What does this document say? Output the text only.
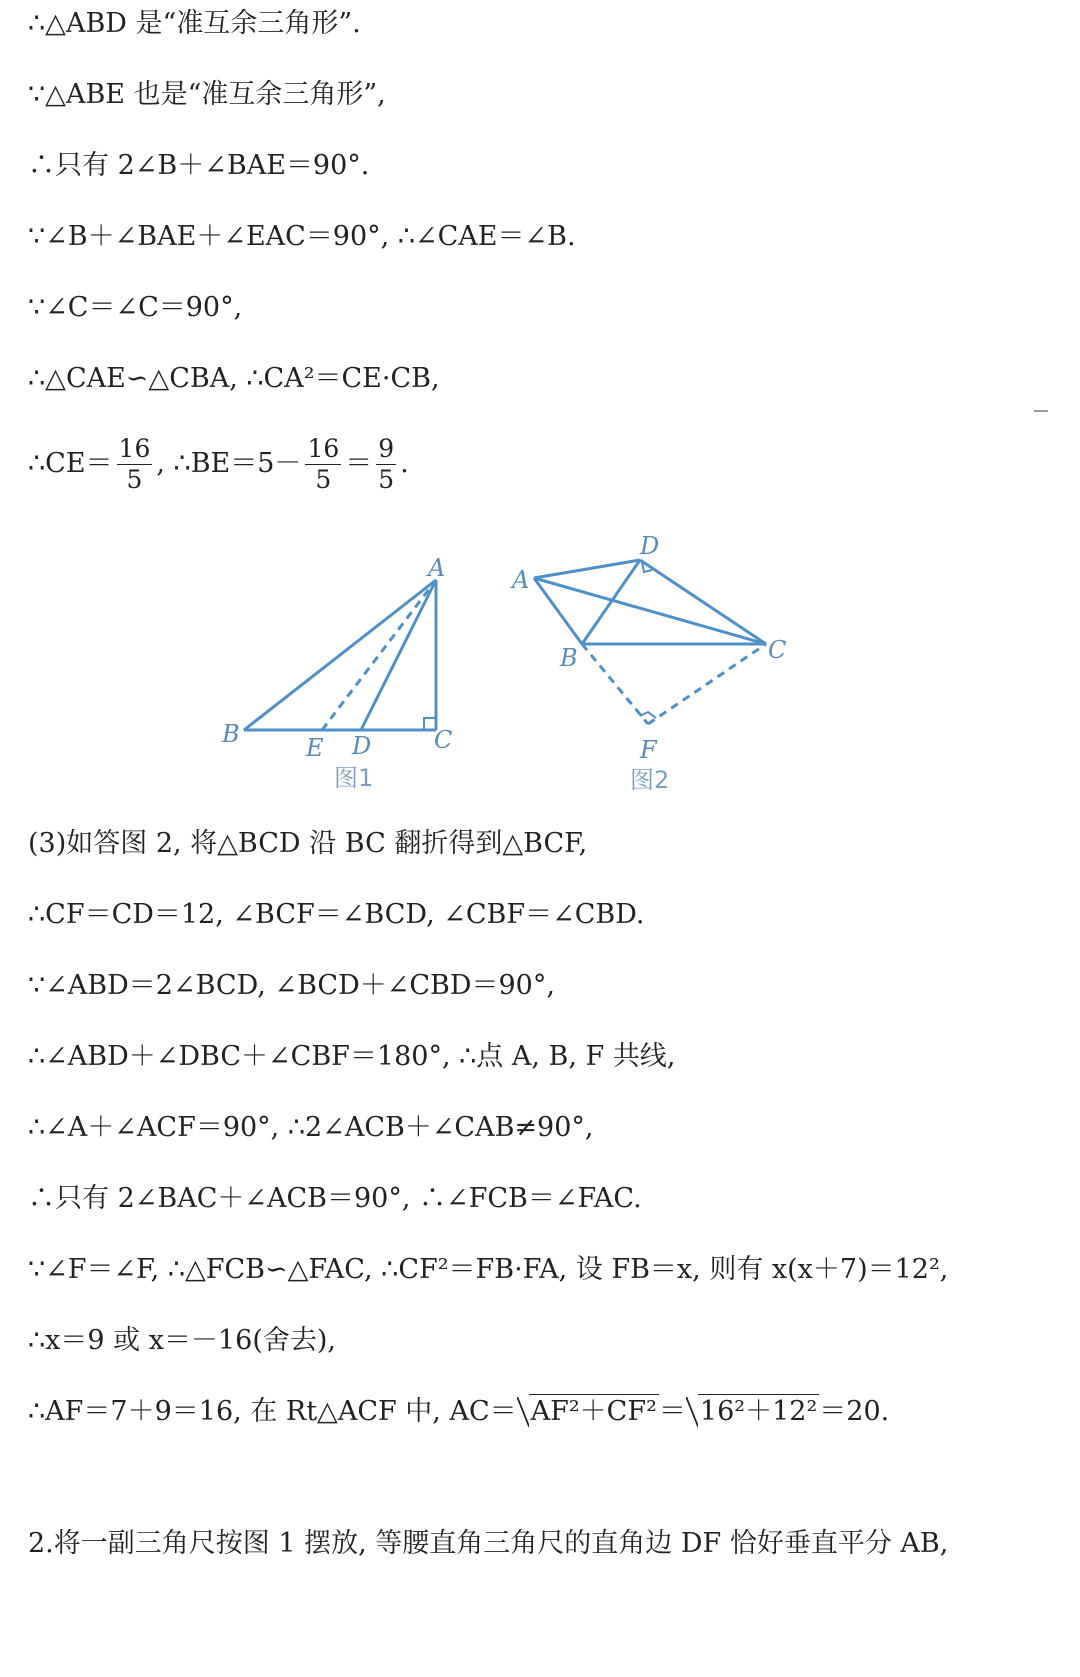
∴△ABD 是“准互余三角形”.
∵△ABE 也是“准互余三角形”,
∴只有 2∠B＋∠BAE＝90°.
∵∠B＋∠BAE＋∠EAC＝90°, ∴∠CAE＝∠B.
∵∠C＝∠C＝90°,
∴△CAE∽△CBA, ∴CA²＝CE·CB,
∴CE＝ $\frac{16}{5}$ , ∴BE＝5－ $\frac{16}{5} = \frac{9}{5}$ .
A
B	C
D
E
图1
A
D
B	C
F
图2
(3)如答图 2, 将△BCD 沿 BC 翻折得到△BCF,
∴CF＝CD＝12, ∠BCF＝∠BCD, ∠CBF＝∠CBD.
∵∠ABD＝2∠BCD, ∠BCD＋∠CBD＝90°,
∴∠ABD＋∠DBC＋∠CBF＝180°, ∴点 A, B, F 共线,
∴∠A＋∠ACF＝90°, ∴2∠ACB＋∠CAB≠90°,
∴只有 2∠BAC＋∠ACB＝90°, ∴∠FCB＝∠FAC.
∵∠F＝∠F, ∴△FCB∽△FAC, ∴CF²＝FB·FA, 设 FB＝x, 则有 x(x＋7)＝12²,
∴x＝9 或 x＝－16(舍去),
∴AF＝7＋9＝16, 在 Rt△ACF 中, AC＝ AF²＋CF²＝ 16²＋12²＝20.
2.将一副三角尺按图 1 摆放, 等腰直角三角尺的直角边 DF 恰好垂直平分 AB,
